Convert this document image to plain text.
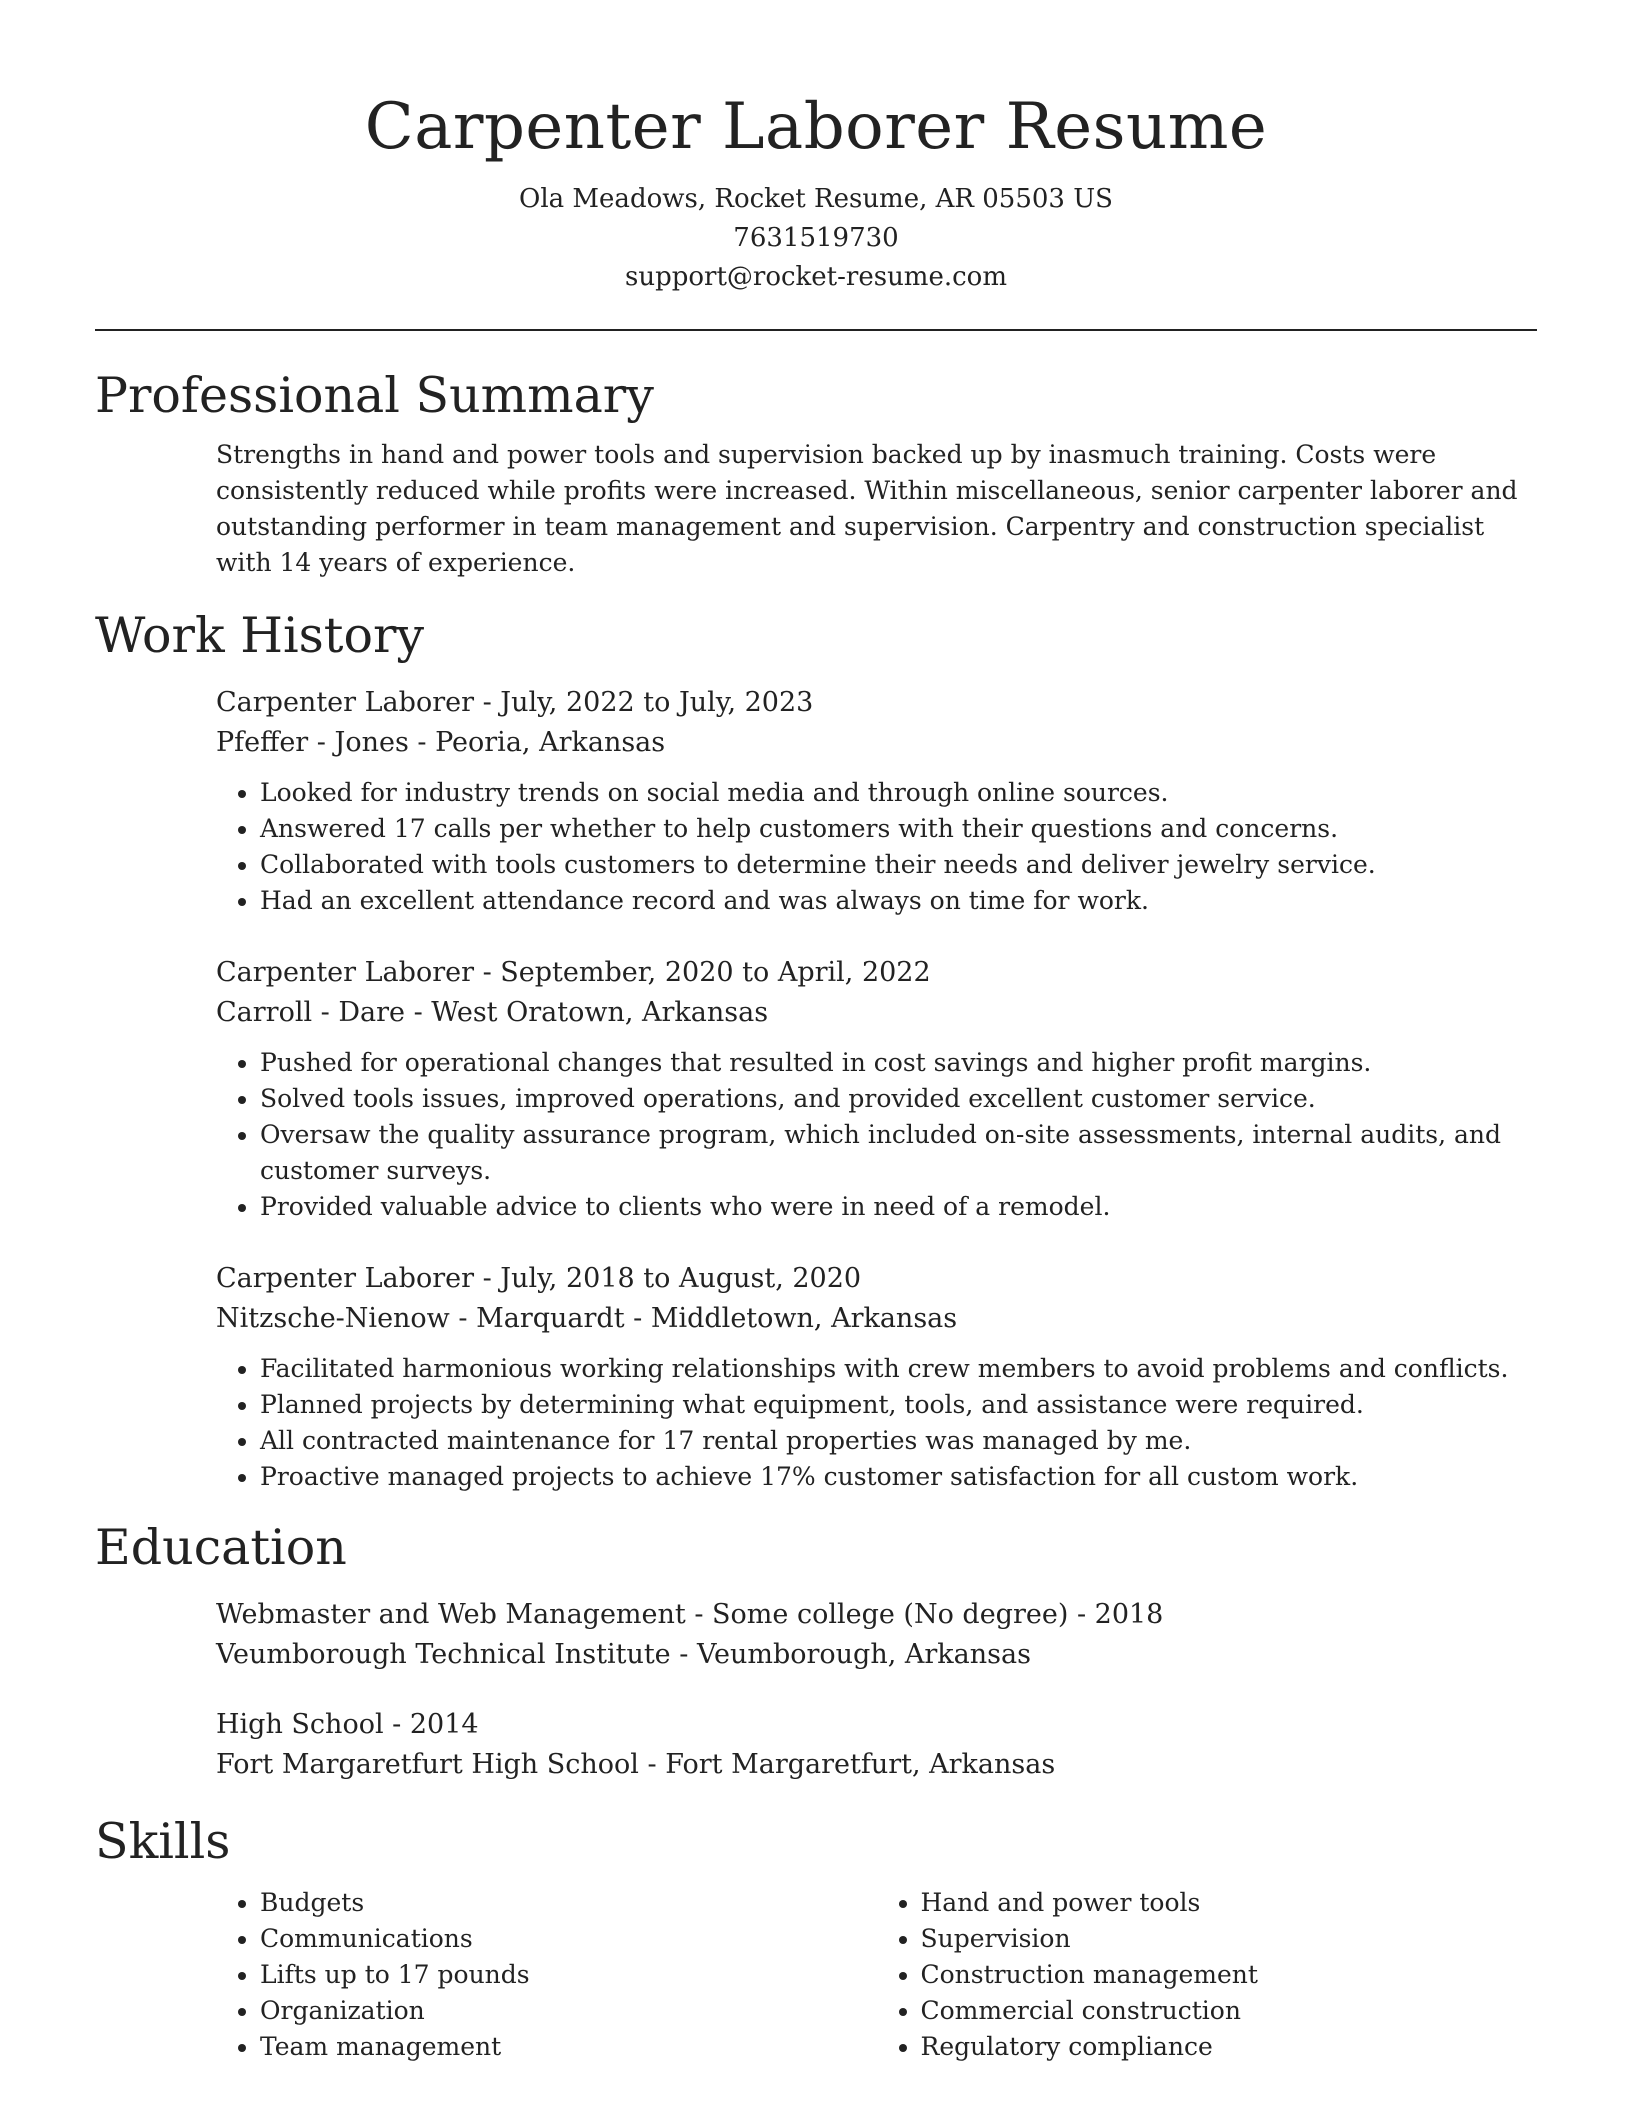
Carpenter Laborer Resume

Ola Meadows, Rocket Resume, AR 05503 US

7631519730

support@rocket-resume.com

Professional Summary

Strengths in hand and power tools and supervision backed up by inasmuch training. Costs were consistently reduced while profits were increased. Within miscellaneous, senior carpenter laborer and outstanding performer in team management and supervision. Carpentry and construction specialist with 14 years of experience.

Work History

Carpenter Laborer - July, 2022 to July, 2023

Pfeffer - Jones - Peoria, Arkansas

• Looked for industry trends on social media and through online sources.
• Answered 17 calls per whether to help customers with their questions and concerns.
• Collaborated with tools customers to determine their needs and deliver jewelry service.
• Had an excellent attendance record and was always on time for work.

Carpenter Laborer - September, 2020 to April, 2022

Carroll - Dare - West Oratown, Arkansas

• Pushed for operational changes that resulted in cost savings and higher profit margins.
• Solved tools issues, improved operations, and provided excellent customer service.
• Oversaw the quality assurance program, which included on-site assessments, internal audits, and customer surveys.
• Provided valuable advice to clients who were in need of a remodel.

Carpenter Laborer - July, 2018 to August, 2020

Nitzsche-Nienow - Marquardt - Middletown, Arkansas

• Facilitated harmonious working relationships with crew members to avoid problems and conflicts.
• Planned projects by determining what equipment, tools, and assistance were required.
• All contracted maintenance for 17 rental properties was managed by me.
• Proactive managed projects to achieve 17% customer satisfaction for all custom work.
Education

Webmaster and Web Management - Some college (No degree) - 2018

Veumborough Technical Institute - Veumborough, Arkansas

High School - 2014

Fort Margaretfurt High School - Fort Margaretfurt, Arkansas

Skills
• Budgets
• Communications
• Lifts up to 17 pounds
• Organization
• Team management
• Hand and power tools
• Supervision
• Construction management
• Commercial construction
• Regulatory compliance
